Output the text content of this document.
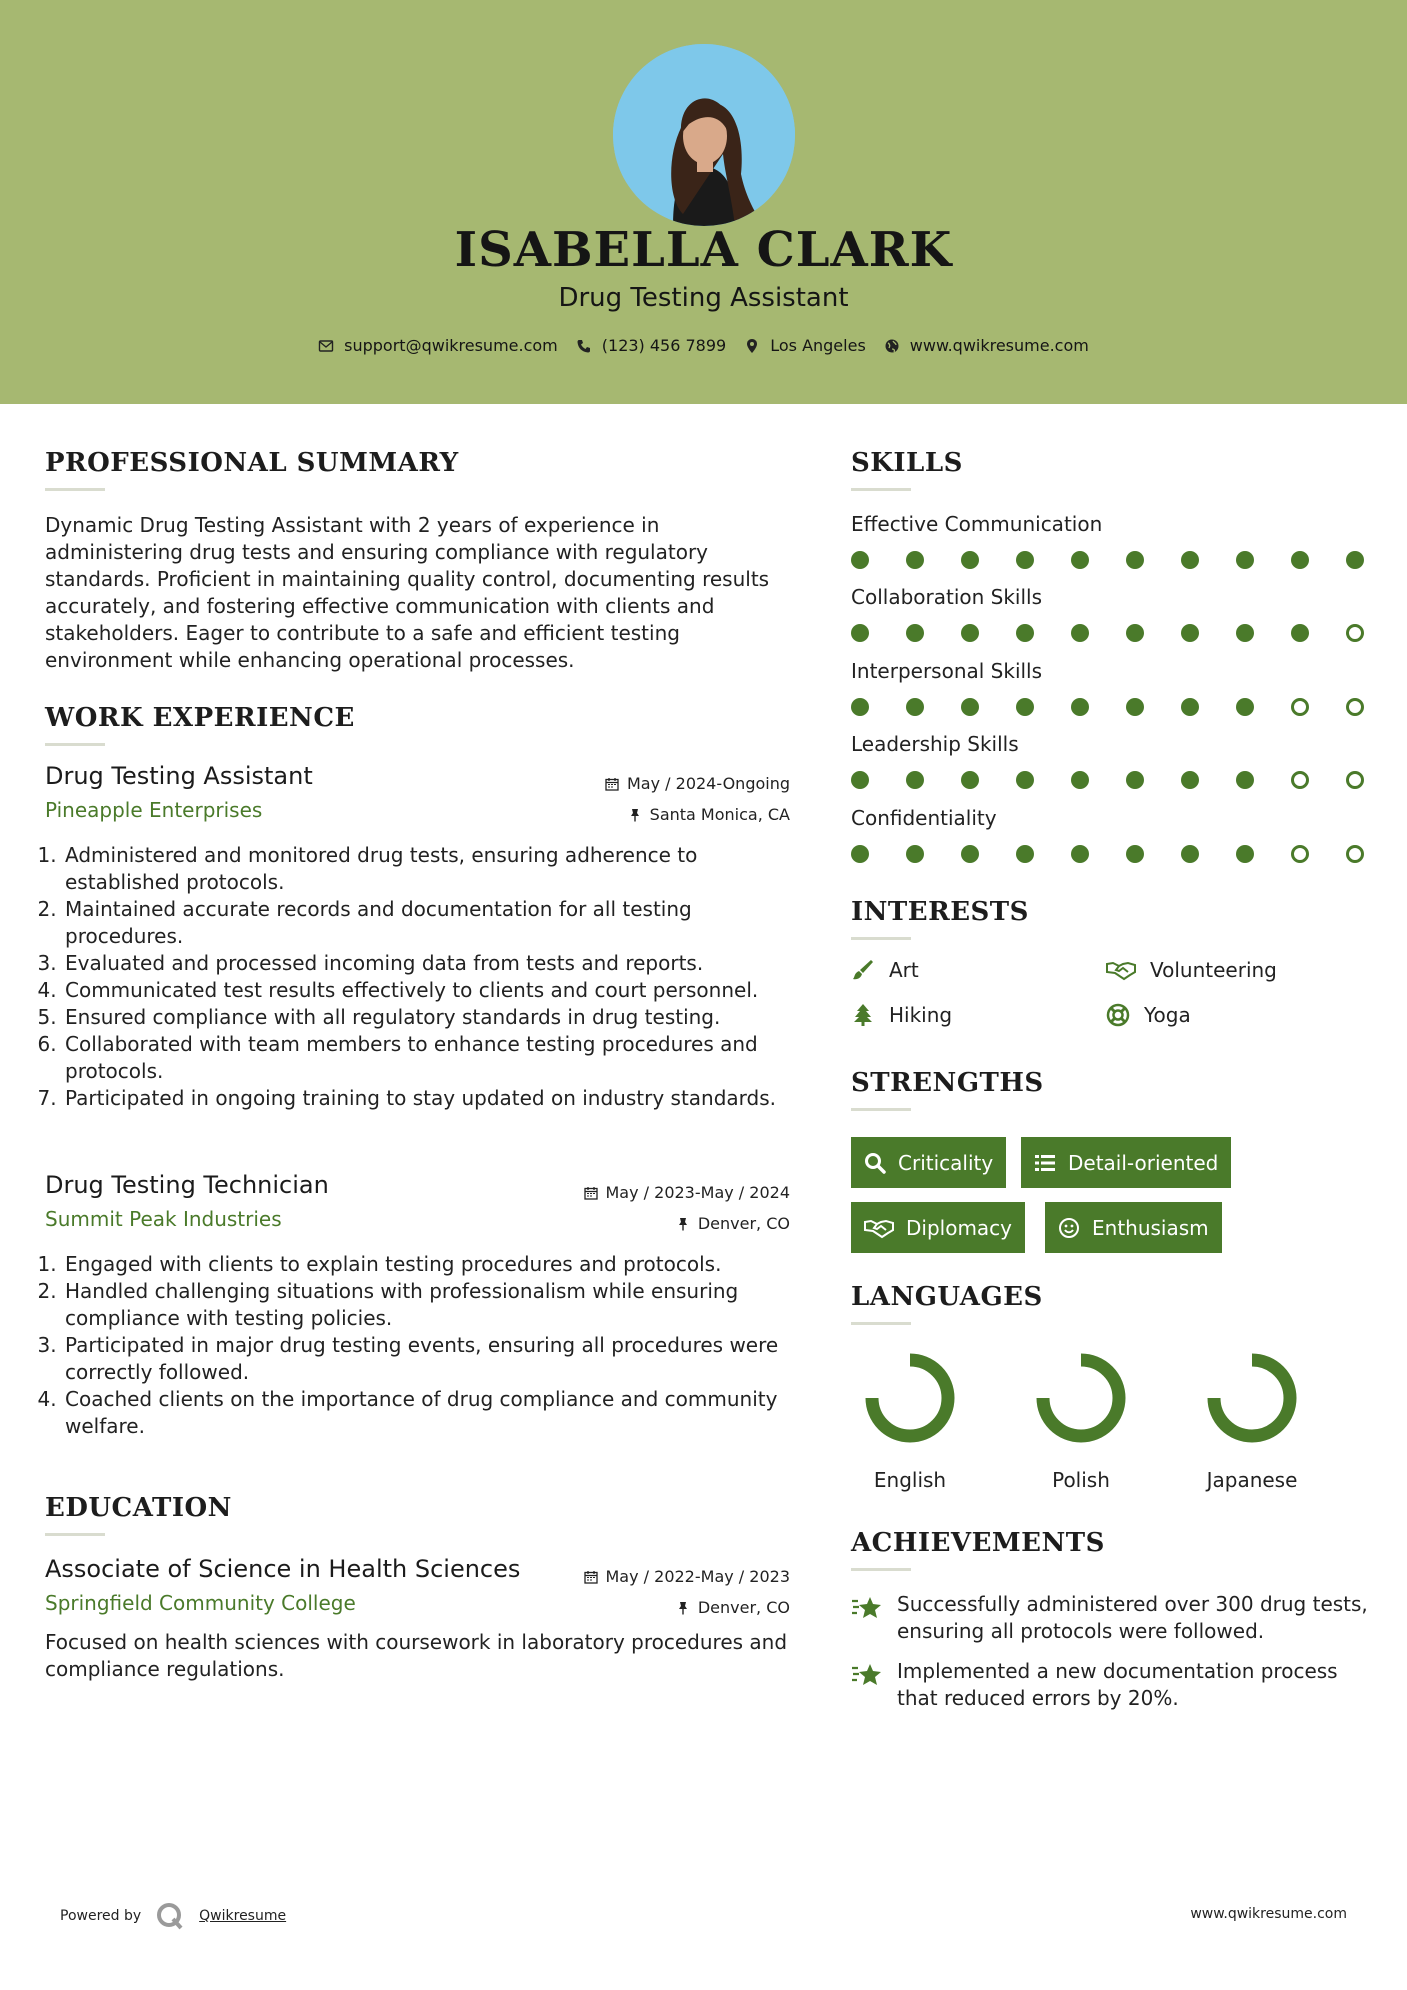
ISABELLA CLARK
Drug Testing Assistant
support@qwikresume.com	(123) 456 7899	Los Angeles	www.qwikresume.com
PROFESSIONAL SUMMARY
Dynamic Drug Testing Assistant with 2 years of experience in administering drug tests and ensuring compliance with regulatory standards. Proficient in maintaining quality control, documenting results accurately, and fostering effective communication with clients and stakeholders. Eager to contribute to a safe and efficient testing environment while enhancing operational processes.
WORK EXPERIENCE
Drug Testing Assistant
Pineapple Enterprises
May / 2024-Ongoing
Santa Monica, CA
1. Administered and monitored drug tests, ensuring adherence to established protocols.
2. Maintained accurate records and documentation for all testing procedures.
3. Evaluated and processed incoming data from tests and reports.
4. Communicated test results effectively to clients and court personnel.
5. Ensured compliance with all regulatory standards in drug testing.
6. Collaborated with team members to enhance testing procedures and protocols.
7. Participated in ongoing training to stay updated on industry standards.
Drug Testing Technician
Summit Peak Industries
May / 2023-May / 2024
Denver, CO
1. Engaged with clients to explain testing procedures and protocols.
2. Handled challenging situations with professionalism while ensuring compliance with testing policies.
3. Participated in major drug testing events, ensuring all procedures were correctly followed.
4. Coached clients on the importance of drug compliance and community welfare.
EDUCATION
Associate of Science in Health Sciences
Springfield Community College
May / 2022-May / 2023
Denver, CO
Focused on health sciences with coursework in laboratory procedures and compliance regulations.
SKILLS
Effective Communication
Collaboration Skills
Interpersonal Skills
Leadership Skills
Confidentiality
INTERESTS
Art	Volunteering
Hiking	Yoga
STRENGTHS
Criticality	Detail-oriented
Diplomacy	Enthusiasm
LANGUAGES
English	Polish	Japanese
ACHIEVEMENTS
Successfully administered over 300 drug tests, ensuring all protocols were followed.
Implemented a new documentation process that reduced errors by 20%.
Powered by	Qwikresume	www.qwikresume.com
